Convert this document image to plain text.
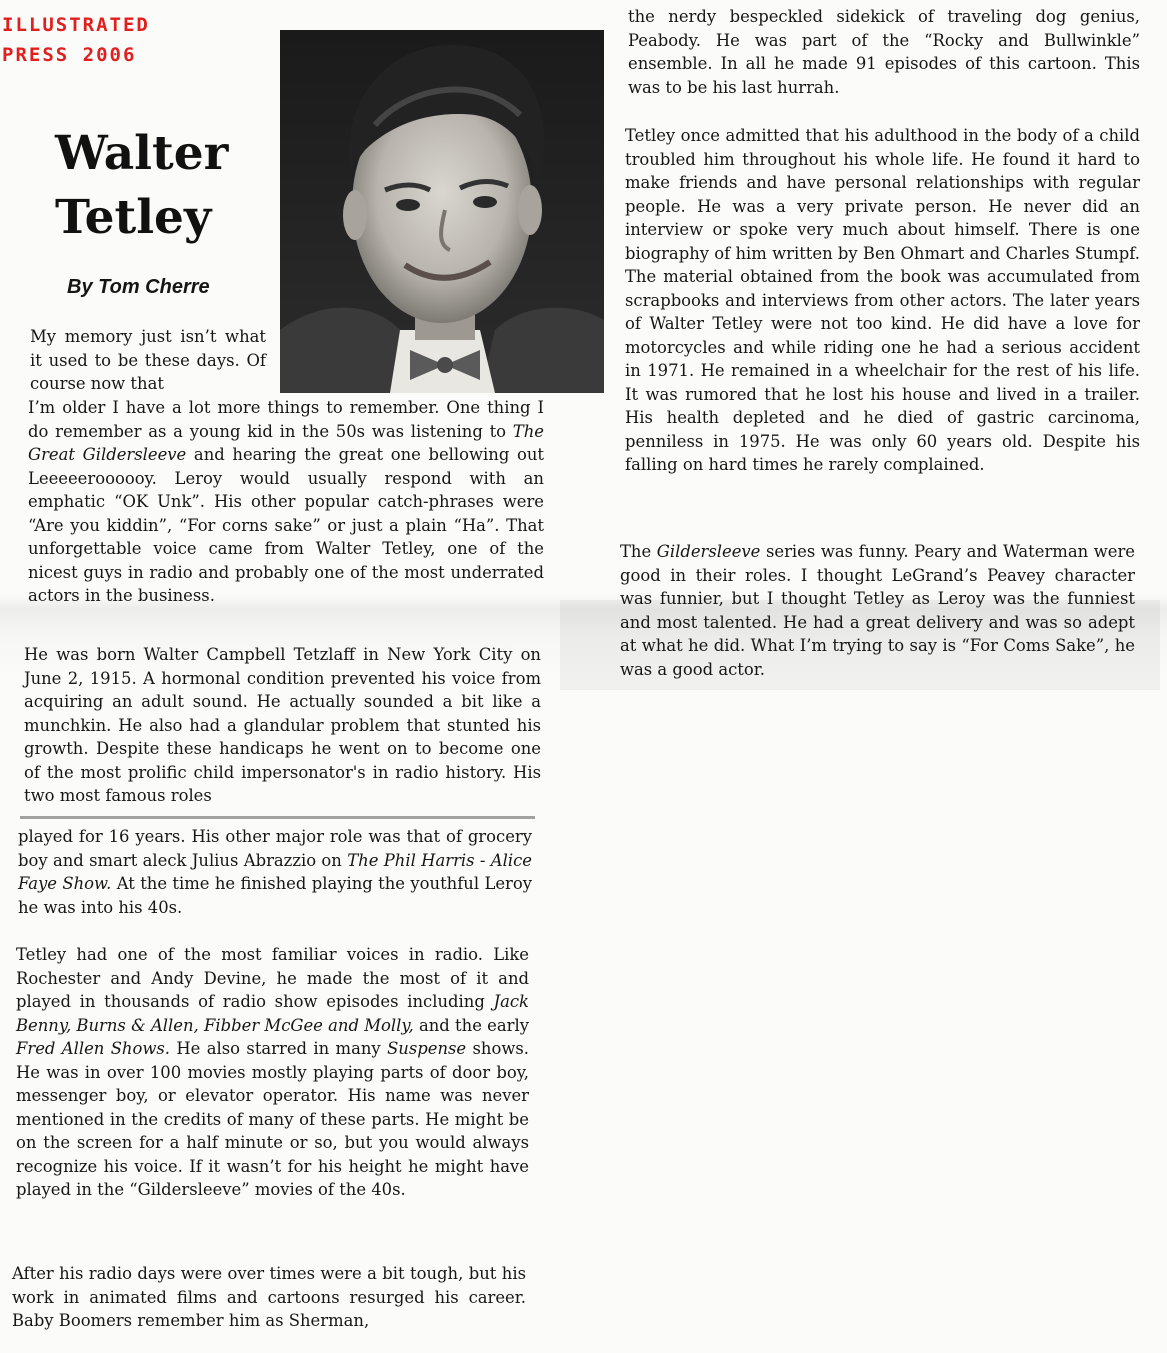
ILLUSTRATED
PRESS 2006
Walter
Tetley
By Tom Cherre
My memory just isn’t what it used to be these days. Of course now that
I’m older I have a lot more things to remember. One thing I do remember as a young kid in the 50s was listening to The Great Gildersleeve and hearing the great one bellowing out Leeeeeroooooy. Leroy would usually respond with an emphatic “OK Unk”. His other popular catch-phrases were “Are you kiddin”, “For corns sake” or just a plain “Ha”. That unforgettable voice came from Walter Tetley, one of the nicest guys in radio and probably one of the most underrated actors in the business.
He was born Walter Campbell Tetzlaff in New York City on June 2, 1915. A hormonal condition prevented his voice from acquiring an adult sound. He actually sounded a bit like a munchkin. He also had a glandular problem that stunted his growth. Despite these handicaps he went on to become one of the most prolific child impersonator's in radio history. His two most famous roles
played for 16 years. His other major role was that of grocery boy and smart aleck Julius Abrazzio on The Phil Harris - Alice Faye Show. At the time he finished playing the youthful Leroy he was into his 40s.
Tetley had one of the most familiar voices in radio. Like Rochester and Andy Devine, he made the most of it and played in thousands of radio show episodes including Jack Benny, Burns & Allen, Fibber McGee and Molly, and the early Fred Allen Shows. He also starred in many Suspense shows. He was in over 100 movies mostly playing parts of door boy, messenger boy, or elevator operator. His name was never mentioned in the credits of many of these parts. He might be on the screen for a half minute or so, but you would always recognize his voice. If it wasn’t for his height he might have played in the “Gildersleeve” movies of the 40s.
After his radio days were over times were a bit tough, but his work in animated films and cartoons resurged his career. Baby Boomers remember him as Sherman,
the nerdy bespeckled sidekick of traveling dog genius, Peabody. He was part of the “Rocky and Bullwinkle” ensemble. In all he made 91 episodes of this cartoon. This was to be his last hurrah.
Tetley once admitted that his adulthood in the body of a child troubled him throughout his whole life. He found it hard to make friends and have personal relationships with regular people. He was a very private person. He never did an interview or spoke very much about himself. There is one biography of him written by Ben Ohmart and Charles Stumpf. The material obtained from the book was accumulated from scrapbooks and interviews from other actors. The later years of Walter Tetley were not too kind. He did have a love for motorcycles and while riding one he had a serious accident in 1971. He remained in a wheelchair for the rest of his life. It was rumored that he lost his house and lived in a trailer. His health depleted and he died of gastric carcinoma, penniless in 1975. He was only 60 years old. Despite his falling on hard times he rarely complained.
The Gildersleeve series was funny. Peary and Waterman were good in their roles. I thought LeGrand’s Peavey character was funnier, but I thought Tetley as Leroy was the funniest and most talented. He had a great delivery and was so adept at what he did. What I’m trying to say is “For Coms Sake”, he was a good actor.
